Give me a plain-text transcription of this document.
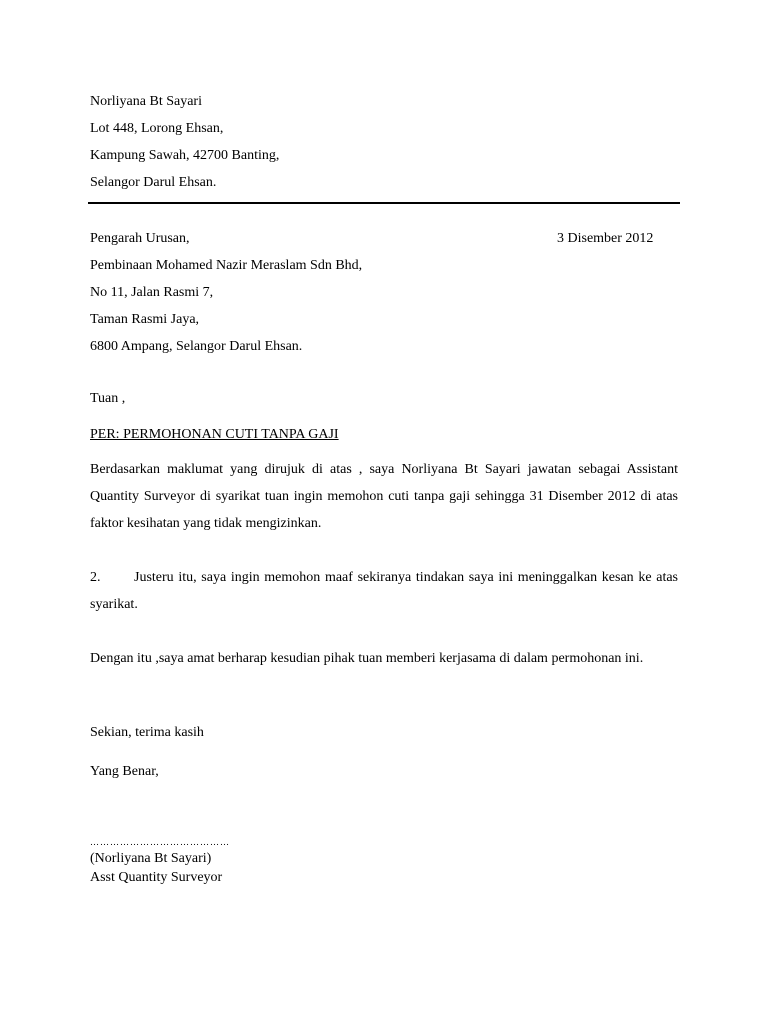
Norliyana Bt Sayari
Lot 448, Lorong Ehsan,
Kampung Sawah, 42700 Banting,
Selangor Darul Ehsan.
Pengarah Urusan,
Pembinaan Mohamed Nazir Meraslam Sdn Bhd,
No 11, Jalan Rasmi 7,
Taman Rasmi Jaya,
6800 Ampang, Selangor Darul Ehsan.
3 Disember 2012
Tuan ,
PER: PERMOHONAN CUTI TANPA GAJI
Berdasarkan maklumat yang dirujuk di atas , saya Norliyana Bt Sayari jawatan sebagai Assistant Quantity Surveyor di syarikat tuan ingin memohon cuti tanpa gaji sehingga 31 Disember 2012 di atas faktor kesihatan yang tidak mengizinkan.
2. Justeru itu, saya ingin memohon maaf sekiranya tindakan saya ini meninggalkan kesan ke atas syarikat.
Dengan itu ,saya amat berharap kesudian pihak tuan memberi kerjasama di dalam permohonan ini.
Sekian, terima kasih
Yang Benar,
……………………………………
(Norliyana Bt Sayari)
Asst Quantity Surveyor
